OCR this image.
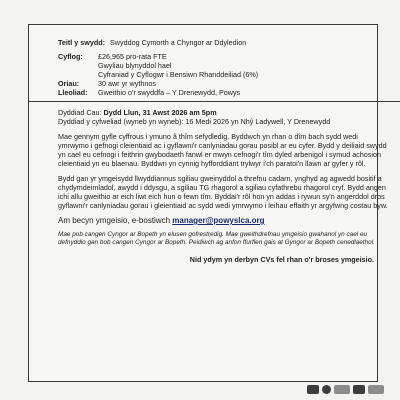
Teitl y swydd: Swyddog Cymorth a Chyngor ar Ddyledion
Cyflog:	£26,965 pro-rata FTE
Gwyliau blynyddol hael
Cyfraniad y Cyflogwr i Bensiwn Rhanddeiliad (6%)
Oriau:	30 awr yr wythnos
Lleoliad:	Gweithio o'r swyddfa – Y Drenewydd, Powys
Dyddiad Cau: Dydd Llun, 31 Awst 2026 am 5pm

Dyddiad y cyfweliad (wyneb yn wyneb): 16 Medi 2026 yn Nhŷ Ladywell, Y Drenewydd

Mae gennym gyfle cyffrous i ymuno â thîm sefydledig. Byddwch yn rhan o dîm bach sydd wedi ymrwymo i gefnogi cleientiaid ac i gyflawni'r canlyniadau gorau posibl ar eu cyfer. Bydd y deiliaid swydd yn cael eu cefnogi i feithrin gwybodaeth fanwl er mwyn cefnogi'r tîm dyled arbenigol i symud achosion cleientiaid yn eu blaenau. Byddwn yn cynnig hyfforddiant trylwyr i'ch paratoi'n llawn ar gyfer y rôl.

Bydd gan yr ymgeisydd llwyddiannus sgiliau gweinyddol a threfnu cadarn, ynghyd ag agwedd bositif a chydymdeimladol, awydd i ddysgu, a sgiliau TG rhagorol a sgiliau cyfathrebu rhagorol cryf. Bydd angen ichi allu gweithio ar eich liwt eich hun o fewn tîm. Byddai'r rôl hon yn addas i rywun sy'n angerddol dros gyflawni'r canlyniadau gorau i gleientiaid ac sydd wedi ymrwymo i leihau effaith yr argyfwng costau byw.

Am becyn ymgeisio, e-bostiwch manager@powyslca.org

Mae pob cangen Cyngor ar Bopeth yn elusen gofrestredig. Mae gweithdrefnau ymgeisio gwahanol yn cael eu defnyddio gan bob cangen Cyngor ar Bopeth. Peidiwch ag anfon ffurflen gais at Gyngor ar Bopeth cenedlaethol.

Nid ydym yn derbyn CVs fel rhan o'r broses ymgeisio.
